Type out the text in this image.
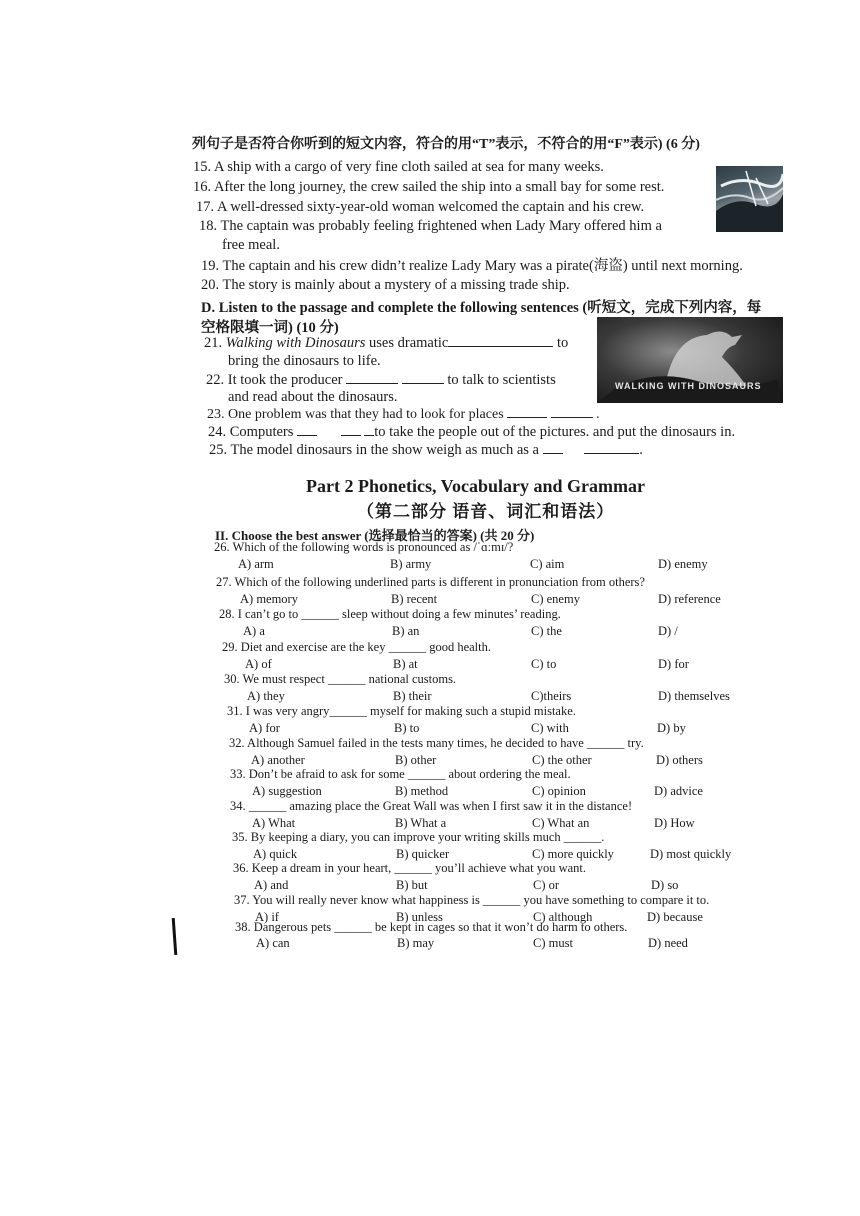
列句子是否符合你听到的短文内容，符合的用“T”表示，不符合的用“F”表示) (6 分)
15. A ship with a cargo of very fine cloth sailed at sea for many weeks.
16. After the long journey, the crew sailed the ship into a small bay for some rest.
17. A well-dressed sixty-year-old woman welcomed the captain and his crew.
18. The captain was probably feeling frightened when Lady Mary offered him a
free meal.
19. The captain and his crew didn’t realize Lady Mary was a pirate(海盗) until next morning.
20. The story is mainly about a mystery of a missing trade ship.
D. Listen to the passage and complete the following sentences (听短文，完成下列内容，每
空格限填一词) (10 分)
21. Walking with Dinosaurs uses dramatic	to
bring the dinosaurs to life.
22. It took the producer	to talk to scientists
and read about the dinosaurs.
23. One problem was that they had to look for places	.
24. Computers	to take the people out of the pictures. and put the dinosaurs in.
25. The model dinosaurs in the show weigh as much as a	.
WALKING WITH DINOSAURS
Part 2 Phonetics, Vocabulary and Grammar
（第二部分 语音、词汇和语法）
II. Choose the best answer (选择最恰当的答案) (共 20 分)
26. Which of the following words is pronounced as /ˈɑːmɪ/?
A) arm	B) army	C) aim	D) enemy
27. Which of the following underlined parts is different in pronunciation from others?
A) memory	B) recent	C) enemy	D) reference
28. I can’t go to ______ sleep without doing a few minutes’ reading.
A) a	B) an	C) the	D) /
29. Diet and exercise are the key ______ good health.
A) of	B) at	C) to	D) for
30. We must respect ______ national customs.
A) they	B) their	C)theirs	D) themselves
31. I was very angry______ myself for making such a stupid mistake.
A) for	B) to	C) with	D) by
32. Although Samuel failed in the tests many times, he decided to have ______ try.
A) another	B) other	C) the other	D) others
33. Don’t be afraid to ask for some ______ about ordering the meal.
A) suggestion	B) method	C) opinion	D) advice
34. ______ amazing place the Great Wall was when I first saw it in the distance!
A) What	B) What a	C) What an	D) How
35. By keeping a diary, you can improve your writing skills much ______.
A) quick	B) quicker	C) more quickly	D) most quickly
36. Keep a dream in your heart, ______ you’ll achieve what you want.
A) and	B) but	C) or	D) so
37. You will really never know what happiness is ______ you have something to compare it to.
A) if	B) unless	C) although	D) because
38. Dangerous pets ______ be kept in cages so that it won’t do harm to others.
A) can	B) may	C) must	D) need
